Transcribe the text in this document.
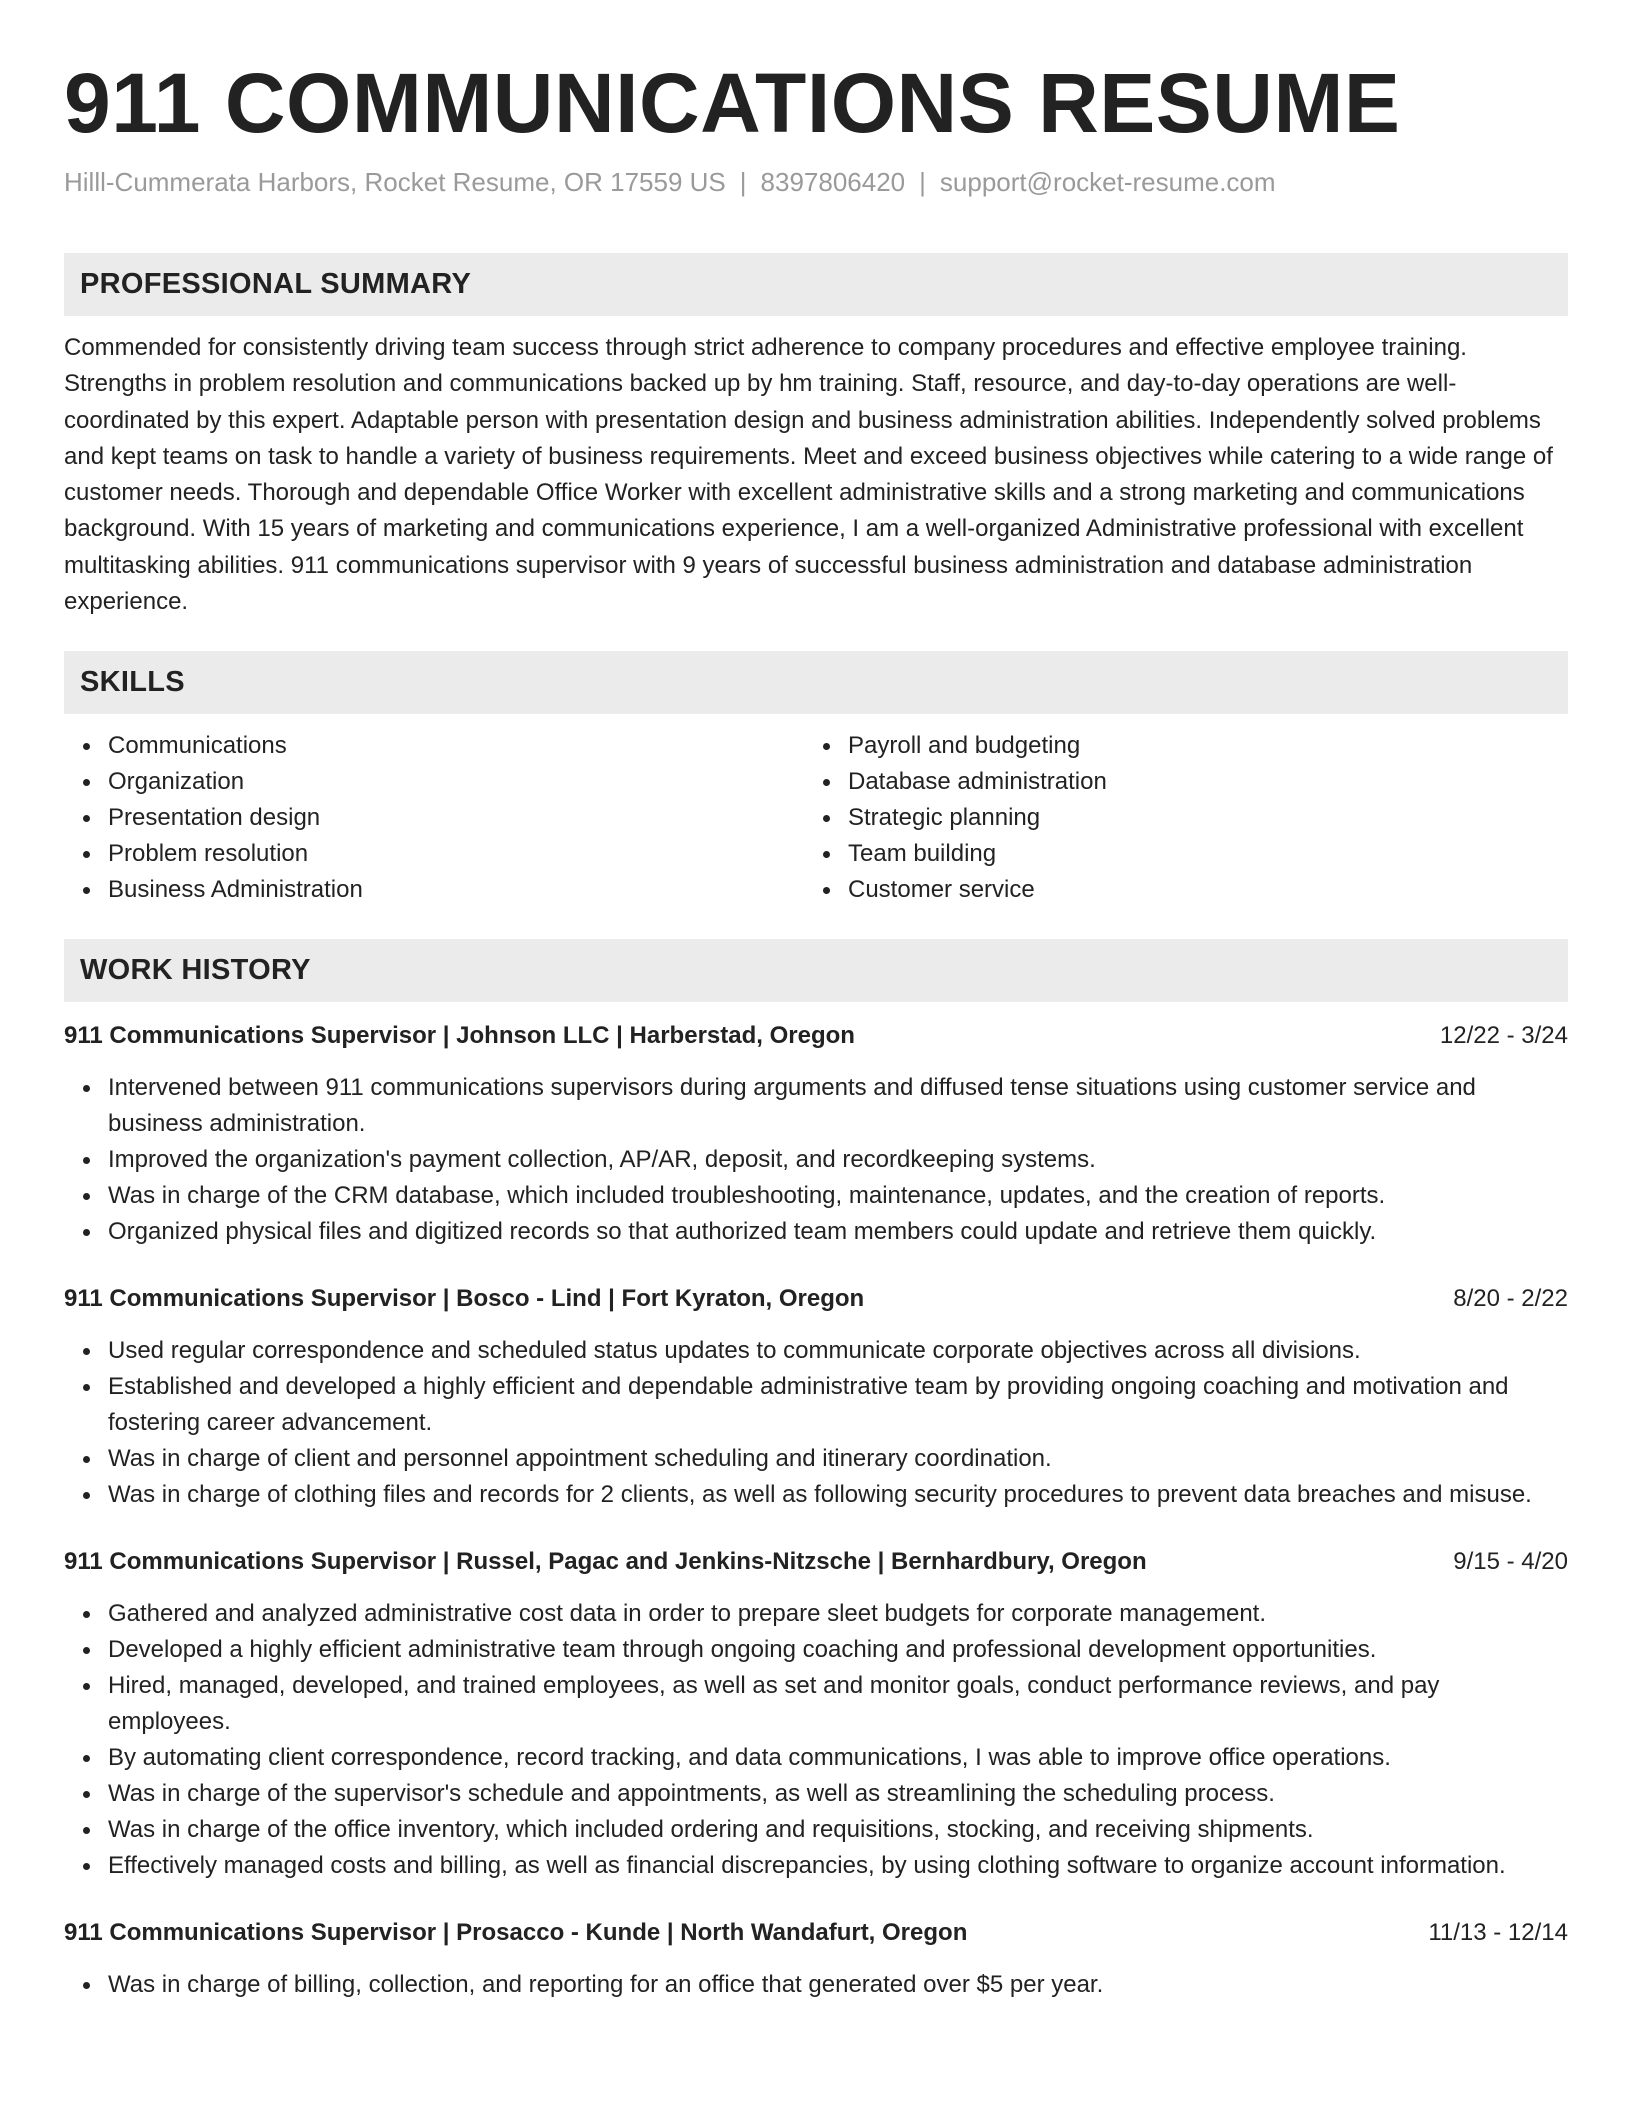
911 COMMUNICATIONS RESUME
Hilll-Cummerata Harbors, Rocket Resume, OR 17559 US | 8397806420 | support@rocket-resume.com
PROFESSIONAL SUMMARY

Commended for consistently driving team success through strict adherence to company procedures and effective employee training. Strengths in problem resolution and communications backed up by hm training. Staff, resource, and day-to-day operations are well-coordinated by this expert. Adaptable person with presentation design and business administration abilities. Independently solved problems and kept teams on task to handle a variety of business requirements. Meet and exceed business objectives while catering to a wide range of customer needs. Thorough and dependable Office Worker with excellent administrative skills and a strong marketing and communications background. With 15 years of marketing and communications experience, I am a well-organized Administrative professional with excellent multitasking abilities. 911 communications supervisor with 9 years of successful business administration and database administration experience.

SKILLS
Communications
Organization
Presentation design
Problem resolution
Business Administration
Payroll and budgeting
Database administration
Strategic planning
Team building
Customer service
WORK HISTORY
911 Communications Supervisor | Johnson LLC | Harberstad, Oregon	12/22 - 3/24
Intervened between 911 communications supervisors during arguments and diffused tense situations using customer service and business administration.
Improved the organization's payment collection, AP/AR, deposit, and recordkeeping systems.
Was in charge of the CRM database, which included troubleshooting, maintenance, updates, and the creation of reports.
Organized physical files and digitized records so that authorized team members could update and retrieve them quickly.
911 Communications Supervisor | Bosco - Lind | Fort Kyraton, Oregon	8/20 - 2/22
Used regular correspondence and scheduled status updates to communicate corporate objectives across all divisions.
Established and developed a highly efficient and dependable administrative team by providing ongoing coaching and motivation and fostering career advancement.
Was in charge of client and personnel appointment scheduling and itinerary coordination.
Was in charge of clothing files and records for 2 clients, as well as following security procedures to prevent data breaches and misuse.
911 Communications Supervisor | Russel, Pagac and Jenkins-Nitzsche | Bernhardbury, Oregon	9/15 - 4/20
Gathered and analyzed administrative cost data in order to prepare sleet budgets for corporate management.
Developed a highly efficient administrative team through ongoing coaching and professional development opportunities.
Hired, managed, developed, and trained employees, as well as set and monitor goals, conduct performance reviews, and pay employees.
By automating client correspondence, record tracking, and data communications, I was able to improve office operations.
Was in charge of the supervisor's schedule and appointments, as well as streamlining the scheduling process.
Was in charge of the office inventory, which included ordering and requisitions, stocking, and receiving shipments.
Effectively managed costs and billing, as well as financial discrepancies, by using clothing software to organize account information.
911 Communications Supervisor | Prosacco - Kunde | North Wandafurt, Oregon	11/13 - 12/14
Was in charge of billing, collection, and reporting for an office that generated over $5 per year.
